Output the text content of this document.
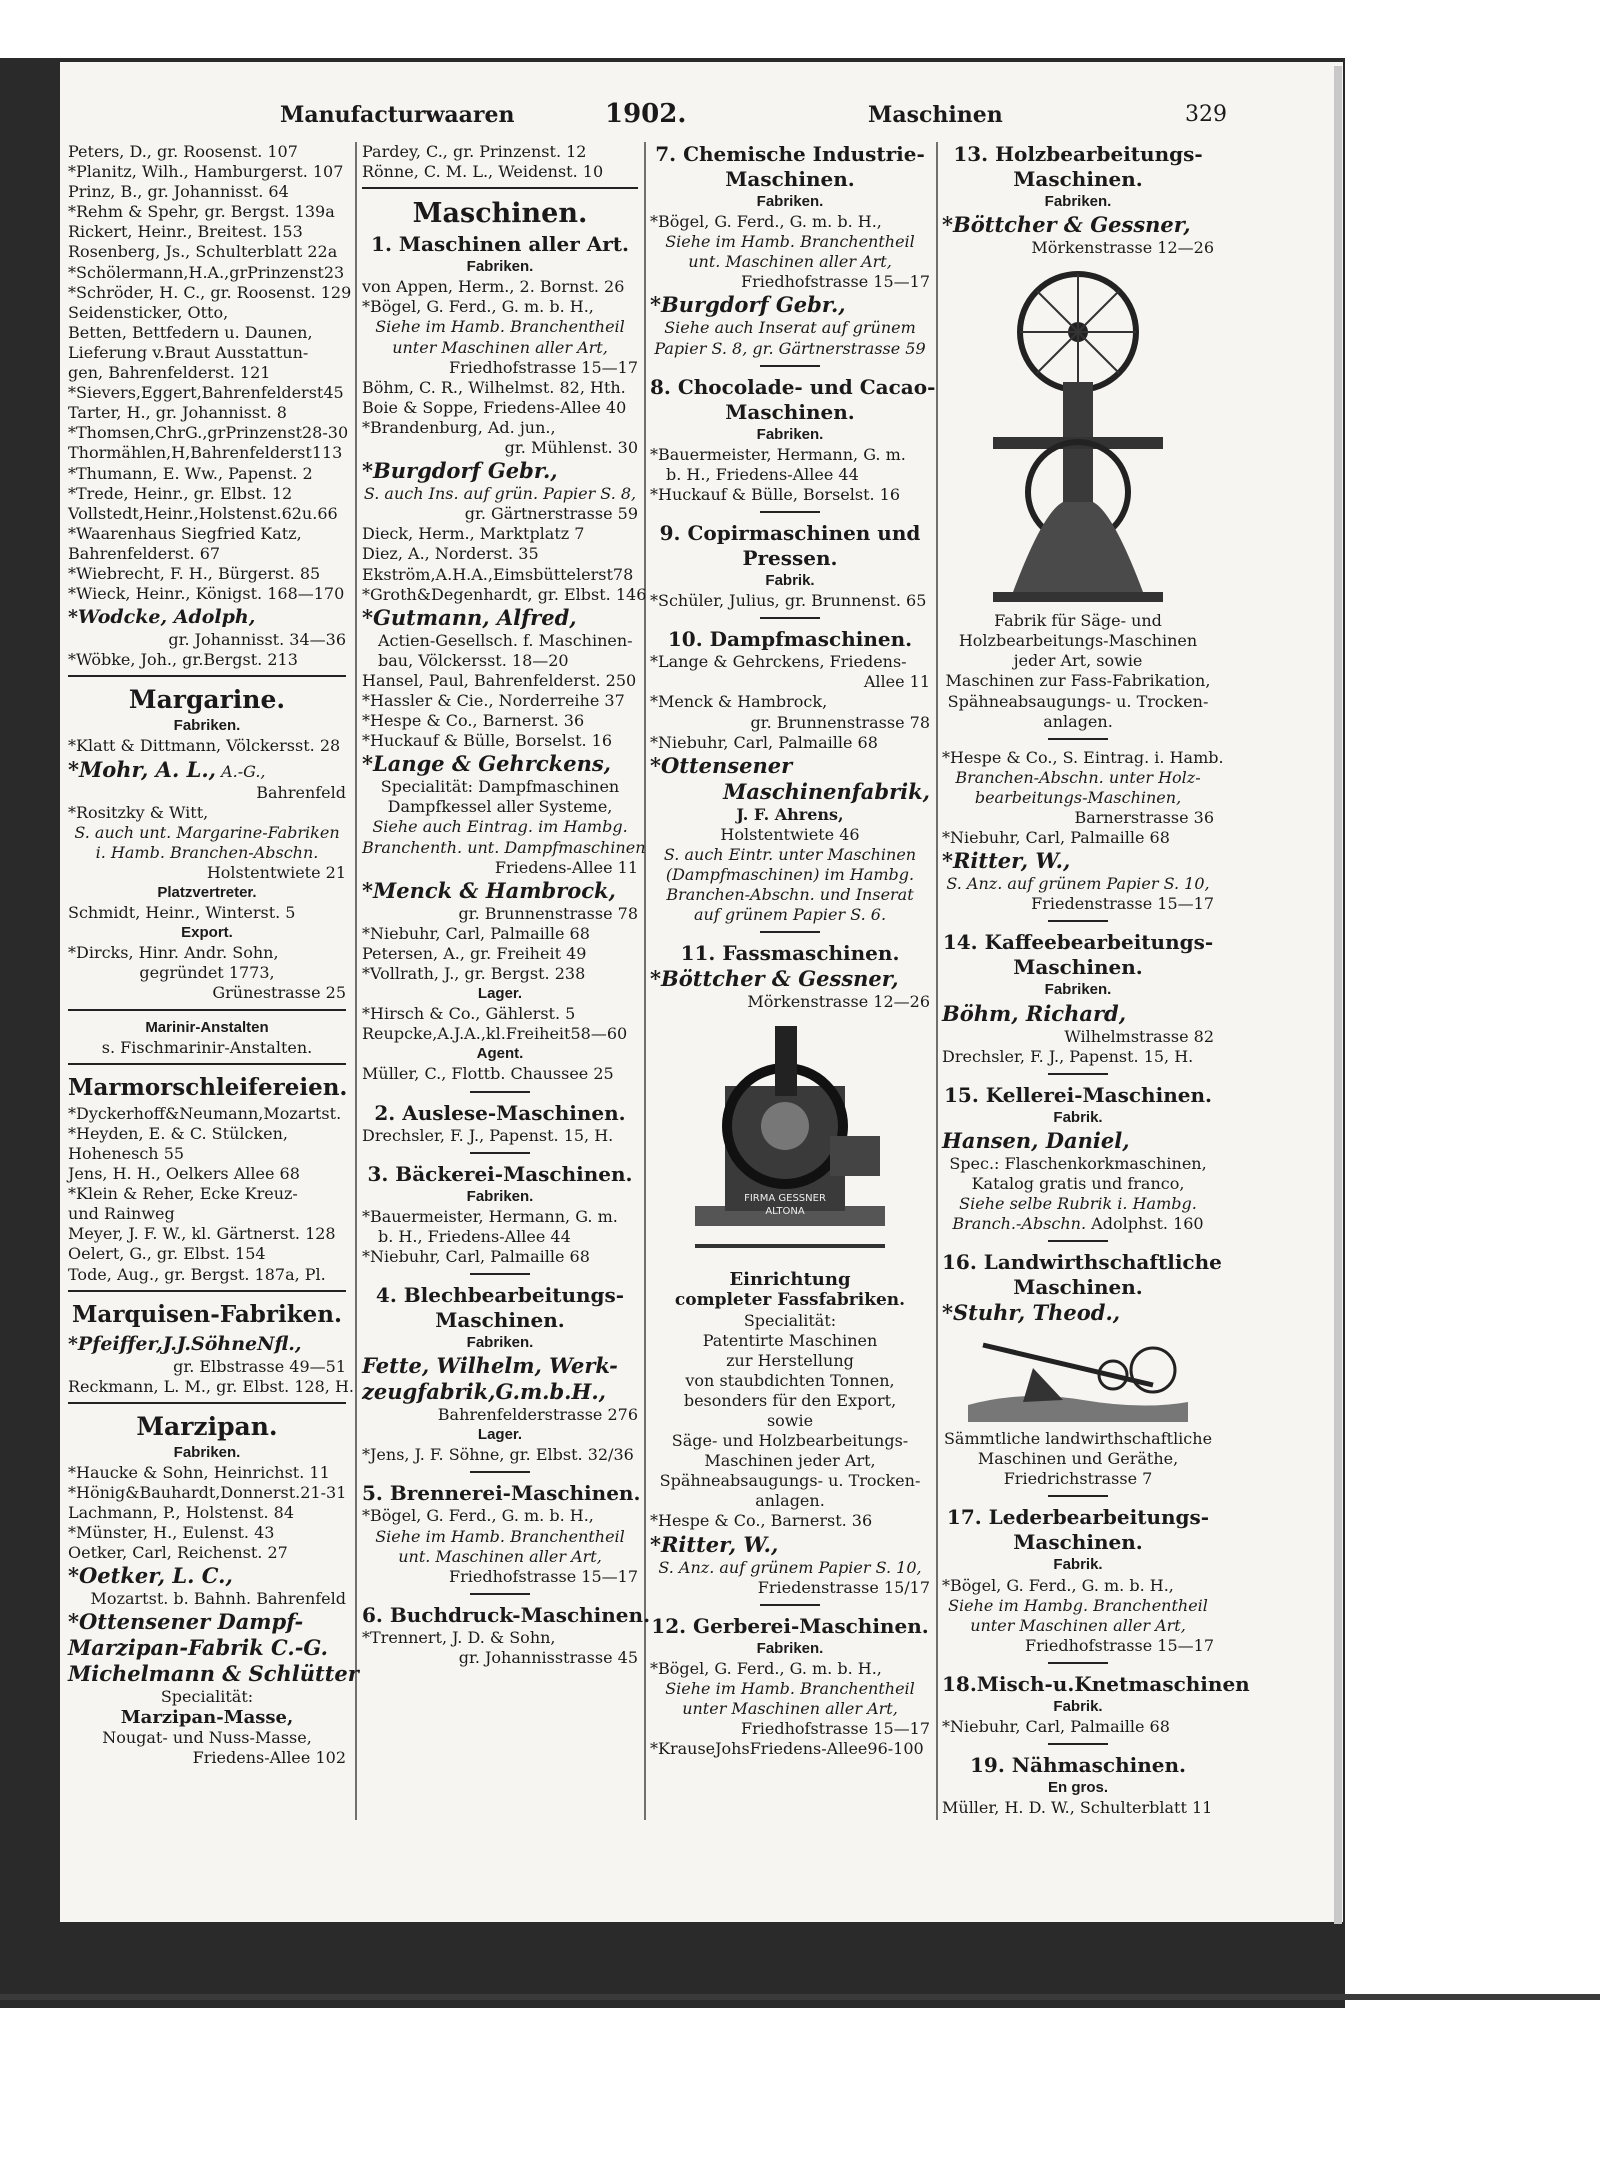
Manufacturwaaren	1902.	Maschinen	329
Peters, D., gr. Roosenst. 107
*Planitz, Wilh., Hamburgerst. 107
Prinz, B., gr. Johannisst. 64
*Rehm & Spehr, gr. Bergst. 139a
Rickert, Heinr., Breitest. 153
Rosenberg, Js., Schulterblatt 22a
*Schölermann,H.A.,grPrinzenst23
*Schröder, H. C., gr. Roosenst. 129
Seidensticker, Otto,
Betten, Bettfedern u. Daunen,
Lieferung v.Braut Ausstattun-
gen, Bahrenfelderst. 121
*Sievers,Eggert,Bahrenfelderst45
Tarter, H., gr. Johannisst. 8
*Thomsen,ChrG.,grPrinzenst28-30
Thormählen,H,Bahrenfelderst113
*Thumann, E. Ww., Papenst. 2
*Trede, Heinr., gr. Elbst. 12
Vollstedt,Heinr.,Holstenst.62u.66
*Waarenhaus Siegfried Katz,
Bahrenfelderst. 67
*Wiebrecht, F. H., Bürgerst. 85
*Wieck, Heinr., Königst. 168—170
*Wodcke, Adolph,
gr. Johannisst. 34—36
*Wöbke, Joh., gr.Bergst. 213
Margarine.
Fabriken.
*Klatt & Dittmann, Völckersst. 28
*Mohr, A. L., A.-G.,
Bahrenfeld
*Rositzky & Witt,
S. auch unt. Margarine-Fabriken
i. Hamb. Branchen-Abschn.
Holstentwiete 21
Platzvertreter.
Schmidt, Heinr., Winterst. 5
Export.
*Dircks, Hinr. Andr. Sohn,
gegründet 1773,
Grünestrasse 25
Marinir-Anstalten
s. Fischmarinir-Anstalten.
Marmorschleifereien.
*Dyckerhoff&Neumann,Mozartst.
*Heyden, E. & C. Stülcken,
Hohenesch 55
Jens, H. H., Oelkers Allee 68
*Klein & Reher, Ecke Kreuz-
und Rainweg
Meyer, J. F. W., kl. Gärtnerst. 128
Oelert, G., gr. Elbst. 154
Tode, Aug., gr. Bergst. 187a, Pl.
Marquisen-Fabriken.
*Pfeiffer,J.J.SöhneNfl.,
gr. Elbstrasse 49—51
Reckmann, L. M., gr. Elbst. 128, H.
Marzipan.
Fabriken.
*Haucke & Sohn, Heinrichst. 11
*Hönig&Bauhardt,Donnerst.21-31
Lachmann, P., Holstenst. 84
*Münster, H., Eulenst. 43
Oetker, Carl, Reichenst. 27
*Oetker, L. C.,
Mozartst. b. Bahnh. Bahrenfeld
*Ottensener Dampf-
Marzipan-Fabrik C.-G.
Michelmann & Schlütter
Specialität:
Marzipan-Masse,
Nougat- und Nuss-Masse,
Friedens-Allee 102
Pardey, C., gr. Prinzenst. 12
Rönne, C. M. L., Weidenst. 10
Maschinen.
1. Maschinen aller Art.
Fabriken.
von Appen, Herm., 2. Bornst. 26
*Bögel, G. Ferd., G. m. b. H.,
Siehe im Hamb. Branchentheil
unter Maschinen aller Art,
Friedhofstrasse 15—17
Böhm, C. R., Wilhelmst. 82, Hth.
Boie & Soppe, Friedens-Allee 40
*Brandenburg, Ad. jun.,
gr. Mühlenst. 30
*Burgdorf Gebr.,
S. auch Ins. auf grün. Papier S. 8,
gr. Gärtnerstrasse 59
Dieck, Herm., Marktplatz 7
Diez, A., Norderst. 35
Ekström,A.H.A.,Eimsbüttelerst78
*Groth&Degenhardt, gr. Elbst. 146
*Gutmann, Alfred,
Actien-Gesellsch. f. Maschinen-
bau, Völckersst. 18—20
Hansel, Paul, Bahrenfelderst. 250
*Hassler & Cie., Norderreihe 37
*Hespe & Co., Barnerst. 36
*Huckauf & Bülle, Borselst. 16
*Lange & Gehrckens,
Specialität: Dampfmaschinen
Dampfkessel aller Systeme,
Siehe auch Eintrag. im Hambg.
Branchenth. unt. Dampfmaschinen
Friedens-Allee 11
*Menck & Hambrock,
gr. Brunnenstrasse 78
*Niebuhr, Carl, Palmaille 68
Petersen, A., gr. Freiheit 49
*Vollrath, J., gr. Bergst. 238
Lager.
*Hirsch & Co., Gählerst. 5
Reupcke,A.J.A.,kl.Freiheit58—60
Agent.
Müller, C., Flottb. Chaussee 25
2. Auslese-Maschinen.
Drechsler, F. J., Papenst. 15, H.
3. Bäckerei-Maschinen.
Fabriken.
*Bauermeister, Hermann, G. m.
b. H., Friedens-Allee 44
*Niebuhr, Carl, Palmaille 68
4. Blechbearbeitungs-
Maschinen.
Fabriken.
Fette, Wilhelm, Werk-
zeugfabrik,G.m.b.H.,
Bahrenfelderstrasse 276
Lager.
*Jens, J. F. Söhne, gr. Elbst. 32/36
5. Brennerei-Maschinen.
*Bögel, G. Ferd., G. m. b. H.,
Siehe im Hamb. Branchentheil
unt. Maschinen aller Art,
Friedhofstrasse 15—17
6. Buchdruck-Maschinen.
*Trennert, J. D. & Sohn,
gr. Johannisstrasse 45
7. Chemische Industrie-
Maschinen.
Fabriken.
*Bögel, G. Ferd., G. m. b. H.,
Siehe im Hamb. Branchentheil
unt. Maschinen aller Art,
Friedhofstrasse 15—17
*Burgdorf Gebr.,
Siehe auch Inserat auf grünem
Papier S. 8, gr. Gärtnerstrasse 59
8. Chocolade- und Cacao-
Maschinen.
Fabriken.
*Bauermeister, Hermann, G. m.
b. H., Friedens-Allee 44
*Huckauf & Bülle, Borselst. 16
9. Copirmaschinen und
Pressen.
Fabrik.
*Schüler, Julius, gr. Brunnenst. 65
10. Dampfmaschinen.
*Lange & Gehrckens, Friedens-
Allee 11
*Menck & Hambrock,
gr. Brunnenstrasse 78
*Niebuhr, Carl, Palmaille 68
*Ottensener
Maschinenfabrik,
J. F. Ahrens,
Holstentwiete 46
S. auch Eintr. unter Maschinen
(Dampfmaschinen) im Hambg.
Branchen-Abschn. und Inserat
auf grünem Papier S. 6.
11. Fassmaschinen.
*Böttcher & Gessner,
Mörkenstrasse 12—26
FIRMA GESSNER
ALTONA
Einrichtung
completer Fassfabriken.
Specialität:
Patentirte Maschinen
zur Herstellung
von staubdichten Tonnen,
besonders für den Export,
sowie
Säge- und Holzbearbeitungs-
Maschinen jeder Art,
Spähneabsaugungs- u. Trocken-
anlagen.
*Hespe & Co., Barnerst. 36
*Ritter, W.,
S. Anz. auf grünem Papier S. 10,
Friedenstrasse 15/17
12. Gerberei-Maschinen.
Fabriken.
*Bögel, G. Ferd., G. m. b. H.,
Siehe im Hamb. Branchentheil
unter Maschinen aller Art,
Friedhofstrasse 15—17
*KrauseJohsFriedens-Allee96-100
13. Holzbearbeitungs-
Maschinen.
Fabriken.
*Böttcher & Gessner,
Mörkenstrasse 12—26
Fabrik für Säge- und
Holzbearbeitungs-Maschinen
jeder Art, sowie
Maschinen zur Fass-Fabrikation,
Spähneabsaugungs- u. Trocken-
anlagen.
*Hespe & Co., S. Eintrag. i. Hamb.
Branchen-Abschn. unter Holz-
bearbeitungs-Maschinen,
Barnerstrasse 36
*Niebuhr, Carl, Palmaille 68
*Ritter, W.,
S. Anz. auf grünem Papier S. 10,
Friedenstrasse 15—17
14. Kaffeebearbeitungs-
Maschinen.
Fabriken.
Böhm, Richard,
Wilhelmstrasse 82
Drechsler, F. J., Papenst. 15, H.
15. Kellerei-Maschinen.
Fabrik.
Hansen, Daniel,
Spec.: Flaschenkorkmaschinen,
Katalog gratis und franco,
Siehe selbe Rubrik i. Hambg.
Branch.-Abschn. Adolphst. 160
16. Landwirthschaftliche
Maschinen.
*Stuhr, Theod.,
Sämmtliche landwirthschaftliche
Maschinen und Geräthe,
Friedrichstrasse 7
17. Lederbearbeitungs-
Maschinen.
Fabrik.
*Bögel, G. Ferd., G. m. b. H.,
Siehe im Hambg. Branchentheil
unter Maschinen aller Art,
Friedhofstrasse 15—17
18.Misch-u.Knetmaschinen
Fabrik.
*Niebuhr, Carl, Palmaille 68
19. Nähmaschinen.
En gros.
Müller, H. D. W., Schulterblatt 11
